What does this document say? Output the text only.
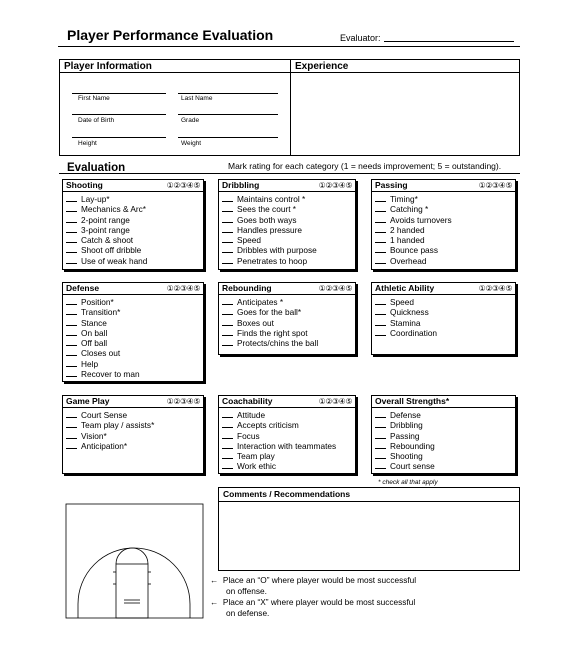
Player Performance Evaluation	Evaluator:
Player Information	Experience
First Name	Last Name
Date of Birth	Grade
Height	Weight
Evaluation	Mark rating for each category (1 = needs improvement; 5 = outstanding).
Shooting	①②③④⑤
Lay-up*
Mechanics & Arc*
2-point range
3-point range
Catch & shoot
Shoot off dribble
Use of weak hand
Dribbling	①②③④⑤
Maintains control *
Sees the court *
Goes both ways
Handles pressure
Speed
Dribbles with purpose
Penetrates to hoop
Passing	①②③④⑤
Timing*
Catching *
Avoids turnovers
2 handed
1 handed
Bounce pass
Overhead
Defense	①②③④⑤
Position*
Transition*
Stance
On ball
Off ball
Closes out
Help
Recover to man
Rebounding	①②③④⑤
Anticipates *
Goes for the ball*
Boxes out
Finds the right spot
Protects/chins the ball
Athletic Ability	①②③④⑤
Speed
Quickness
Stamina
Coordination
Game Play	①②③④⑤
Court Sense
Team play / assists*
Vision*
Anticipation*
Coachability	①②③④⑤
Attitude
Accepts criticism
Focus
Interaction with teammates
Team play
Work ethic
Overall Strengths*
Defense
Dribbling
Passing
Rebounding
Shooting
Court sense
* check all that apply
Comments / Recommendations
← Place an “O” where player would be most successful
on offense.
← Place an “X” where player would be most successful
on defense.
